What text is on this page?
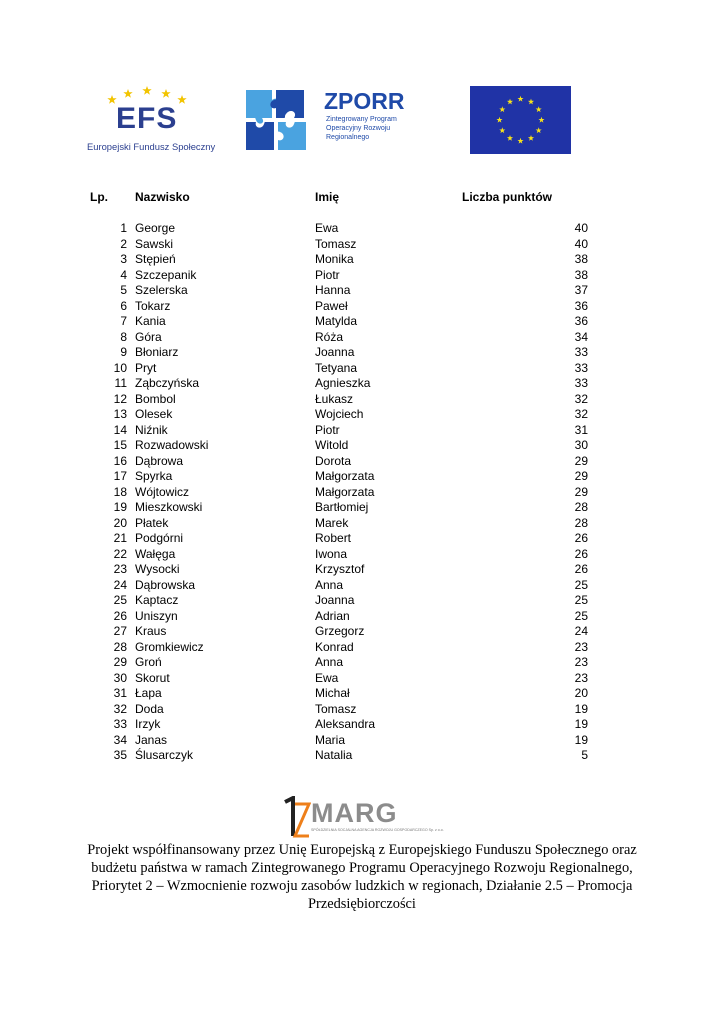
EFS
Europejski Fundusz Społeczny
ZPORR
Zintegrowany Program Operacyjny Rozwoju Regionalnego
Lp.		Nazwisko	Imię	Liczba punktów

1		George	Ewa	40
2		Sawski	Tomasz	40
3		Stępień	Monika	38
4		Szczepanik	Piotr	38
5		Szelerska	Hanna	37
6		Tokarz	Paweł	36
7		Kania	Matylda	36
8		Góra	Róża	34
9		Błoniarz	Joanna	33
10		Pryt	Tetyana	33
11		Ząbczyńska	Agnieszka	33
12		Bombol	Łukasz	32
13		Olesek	Wojciech	32
14		Niźnik	Piotr	31
15		Rozwadowski	Witold	30
16		Dąbrowa	Dorota	29
17		Spyrka	Małgorzata	29
18		Wójtowicz	Małgorzata	29
19		Mieszkowski	Bartłomiej	28
20		Płatek	Marek	28
21		Podgórni	Robert	26
22		Wałęga	Iwona	26
23		Wysocki	Krzysztof	26
24		Dąbrowska	Anna	25
25		Kaptacz	Joanna	25
26		Uniszyn	Adrian	25
27		Kraus	Grzegorz	24
28		Gromkiewicz	Konrad	23
29		Groń	Anna	23
30		Skorut	Ewa	23
31		Łapa	Michał	20
32		Doda	Tomasz	19
33		Irzyk	Aleksandra	19
34		Janas	Maria	19
35		Ślusarczyk	Natalia	5
MARG
SPÓŁDZIELNIA SOCJALNA AGENCJA ROZWOJU GOSPODARCZEGO Sp. z o.o.
Projekt współfinansowany przez Unię Europejską z Europejskiego Funduszu Społecznego oraz budżetu państwa w ramach Zintegrowanego Programu Operacyjnego Rozwoju Regionalnego, Priorytet 2 – Wzmocnienie rozwoju zasobów ludzkich w regionach, Działanie 2.5 – Promocja Przedsiębiorczości
